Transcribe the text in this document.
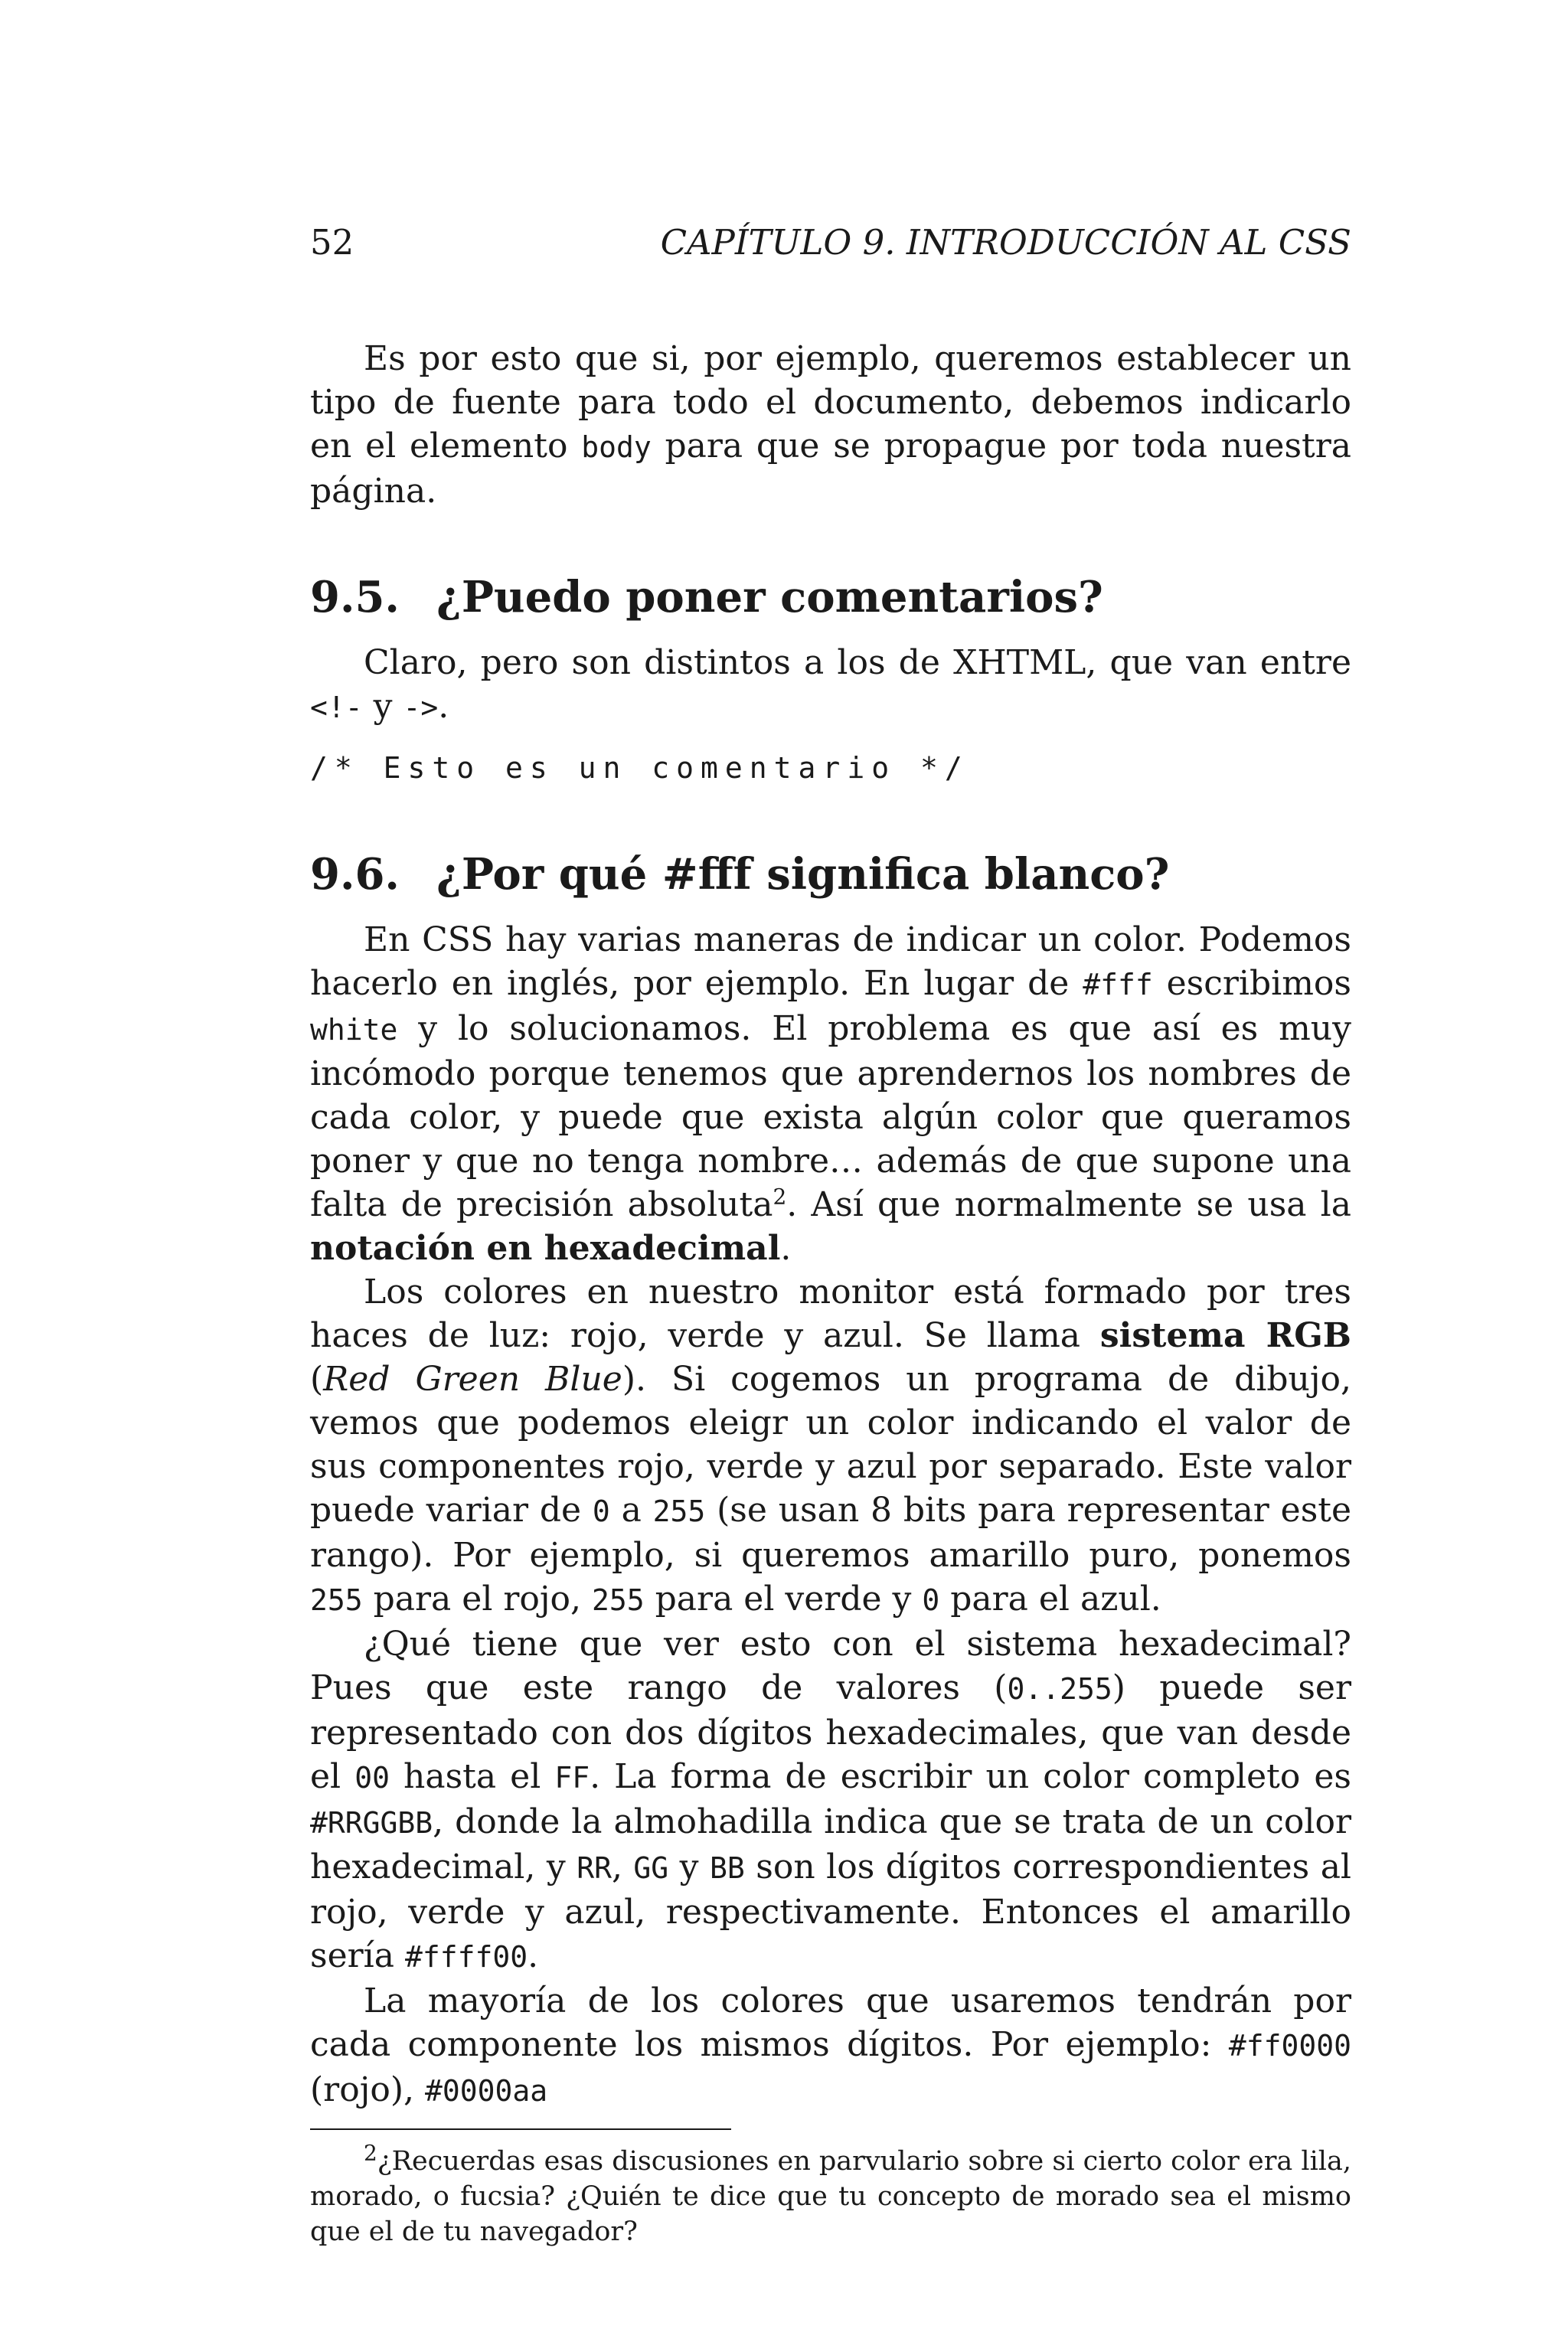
52	CAPÍTULO 9. INTRODUCCIÓN AL CSS

Es por esto que si, por ejemplo, queremos establecer un tipo de fuente para todo el documento, debemos indicarlo en el elemento body para que se propague por toda nuestra página.

9.5. ¿Puedo poner comentarios?

Claro, pero son distintos a los de XHTML, que van entre <!- y ->.

/* Esto es un comentario */
9.6. ¿Por qué #fff significa blanco?

En CSS hay varias maneras de indicar un color. Podemos hacerlo en inglés, por ejemplo. En lugar de #fff escribimos white y lo solucionamos. El problema es que así es muy incómodo porque tenemos que aprendernos los nombres de cada color, y puede que exista algún color que queramos poner y que no tenga nombre… además de que supone una falta de precisión absoluta$^2$. Así que normalmente se usa la notación en hexadecimal.

Los colores en nuestro monitor está formado por tres haces de luz: rojo, verde y azul. Se llama sistema RGB (Red Green Blue). Si cogemos un programa de dibujo, vemos que podemos eleigr un color indicando el valor de sus componentes rojo, verde y azul por separado. Este valor puede variar de 0 a 255 (se usan 8 bits para representar este rango). Por ejemplo, si queremos amarillo puro, ponemos 255 para el rojo, 255 para el verde y 0 para el azul.

¿Qué tiene que ver esto con el sistema hexadecimal? Pues que este rango de valores (0..255) puede ser representado con dos dígitos hexadecimales, que van desde el 00 hasta el FF. La forma de escribir un color completo es #RRGGBB, donde la almohadilla indica que se trata de un color hexadecimal, y RR, GG y BB son los dígitos correspondientes al rojo, verde y azul, respectivamente. Entonces el amarillo sería #ffff00.

La mayoría de los colores que usaremos tendrán por cada componente los mismos dígitos. Por ejemplo: #ff0000 (rojo), #0000aa

$^2$¿Recuerdas esas discusiones en parvulario sobre si cierto color era lila, morado, o fucsia? ¿Quién te dice que tu concepto de morado sea el mismo que el de tu navegador?
